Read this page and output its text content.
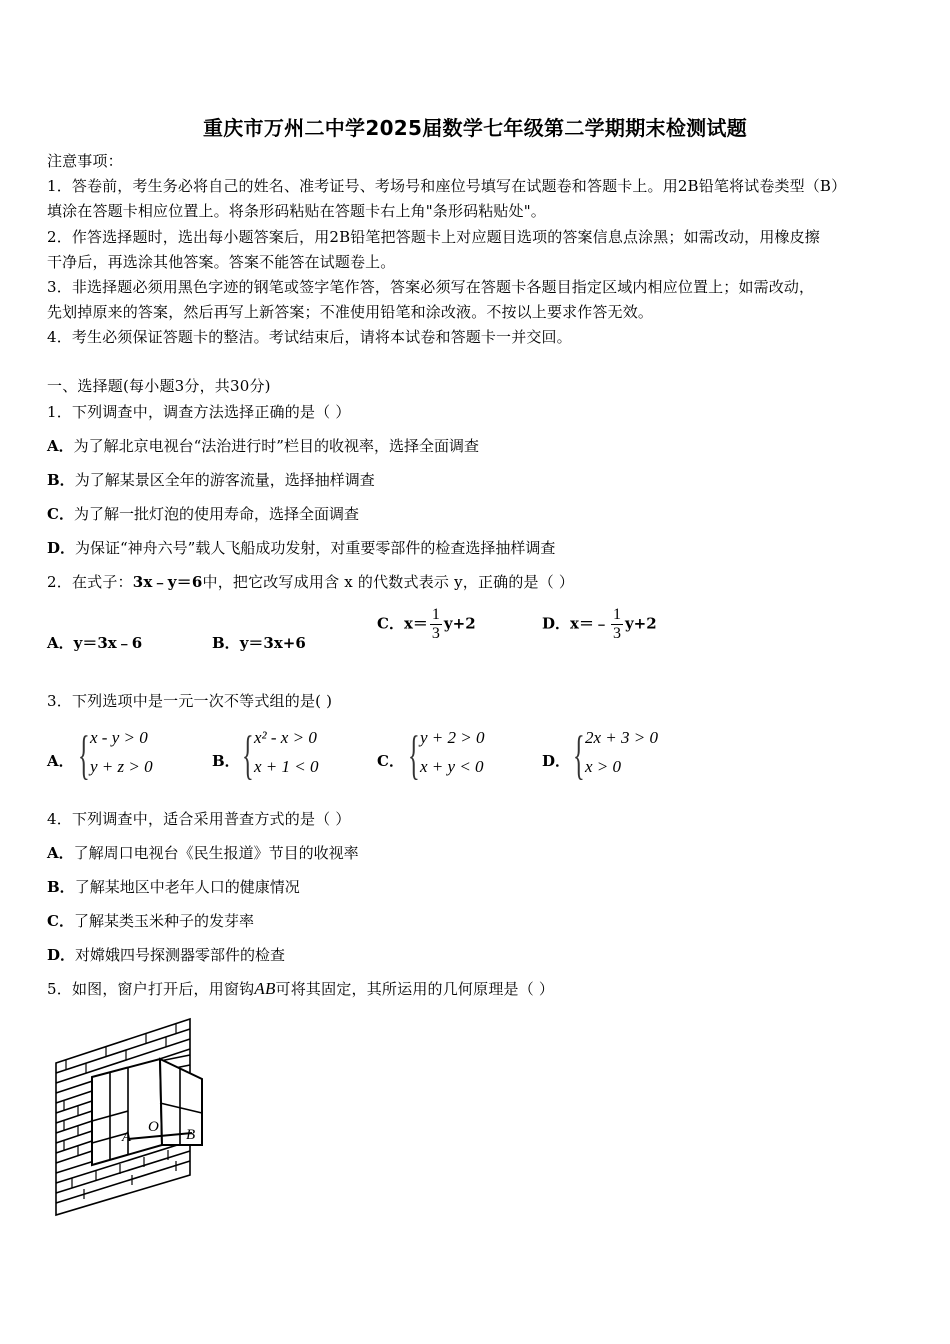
重庆市万州二中学2025届数学七年级第二学期期末检测试题
注意事项：
1．答卷前，考生务必将自己的姓名、准考证号、考场号和座位号填写在试题卷和答题卡上。用2B铅笔将试卷类型（B）
填涂在答题卡相应位置上。将条形码粘贴在答题卡右上角"条形码粘贴处"。
2．作答选择题时，选出每小题答案后，用2B铅笔把答题卡上对应题目选项的答案信息点涂黑；如需改动，用橡皮擦
干净后，再选涂其他答案。答案不能答在试题卷上。
3．非选择题必须用黑色字迹的钢笔或签字笔作答，答案必须写在答题卡各题目指定区域内相应位置上；如需改动，
先划掉原来的答案，然后再写上新答案；不准使用铅笔和涂改液。不按以上要求作答无效。
4．考生必须保证答题卡的整洁。考试结束后，请将本试卷和答题卡一并交回。
一、选择题(每小题3分，共30分)
1．下列调查中，调查方法选择正确的是（ ）
A．为了解北京电视台“法治进行时”栏目的收视率，选择全面调查
B．为了解某景区全年的游客流量，选择抽样调查
C．为了解一批灯泡的使用寿命，选择全面调查
D．为保证“神舟六号”载人飞船成功发射，对重要零部件的检查选择抽样调查
2．在式子：3x﹣y＝6中，把它改写成用含 x 的代数式表示 y，正确的是（ ）
A．y＝3x﹣6	B．y＝3x+6
C．$x= \frac{1}{3} y+2$	D．x＝﹣ $\frac{1}{3} y+2$
3．下列选项中是一元一次不等式组的是( )
A． { x - y > 0
y + z > 0	B． { x² - x > 0
x + 1 < 0	C． { y + 2 > 0
x + y < 0	D． { 2x + 3 > 0
x > 0
4．下列调查中，适合采用普查方式的是（ ）
A．了解周口电视台《民生报道》节目的收视率
B．了解某地区中老年人口的健康情况
C．了解某类玉米种子的发芽率
D．对嫦娥四号探测器零部件的检查
5．如图，窗户打开后，用窗钩AB可将其固定，其所运用的几何原理是（ ）
A
O B
